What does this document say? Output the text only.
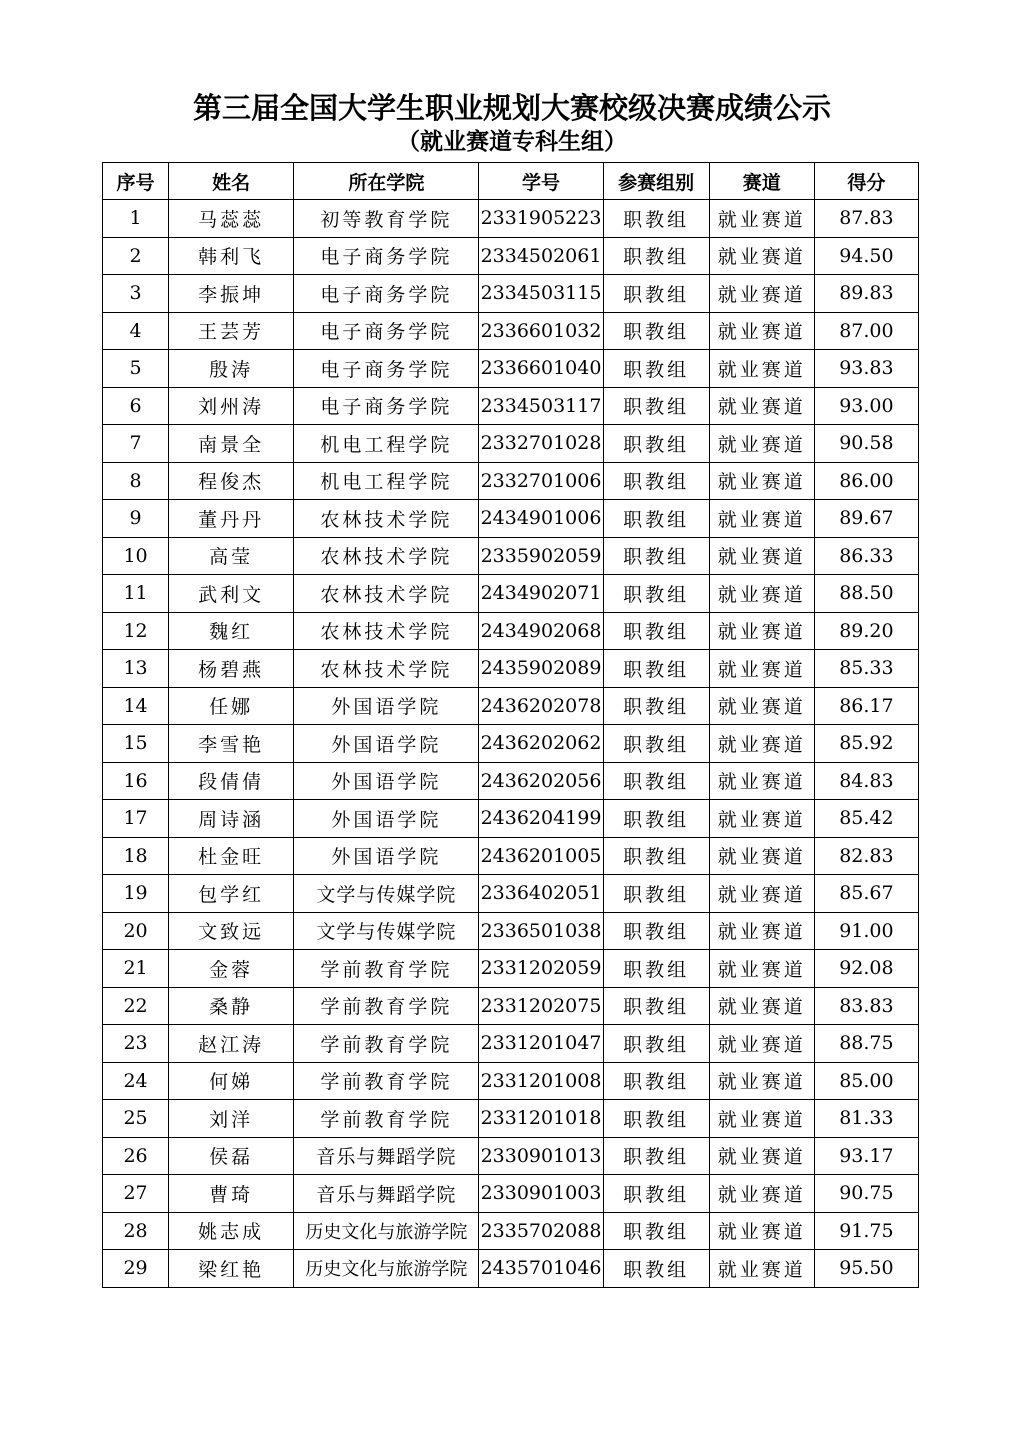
第三届全国大学生职业规划大赛校级决赛成绩公示
（就业赛道专科生组）
序号	姓名	所在学院	学号	参赛组别	赛道	得分
1	马蕊蕊	初等教育学院	2331905223	职教组	就业赛道	87.83
2	韩利飞	电子商务学院	2334502061	职教组	就业赛道	94.50
3	李振坤	电子商务学院	2334503115	职教组	就业赛道	89.83
4	王芸芳	电子商务学院	2336601032	职教组	就业赛道	87.00
5	殷涛	电子商务学院	2336601040	职教组	就业赛道	93.83
6	刘州涛	电子商务学院	2334503117	职教组	就业赛道	93.00
7	南景全	机电工程学院	2332701028	职教组	就业赛道	90.58
8	程俊杰	机电工程学院	2332701006	职教组	就业赛道	86.00
9	董丹丹	农林技术学院	2434901006	职教组	就业赛道	89.67
10	高莹	农林技术学院	2335902059	职教组	就业赛道	86.33
11	武利文	农林技术学院	2434902071	职教组	就业赛道	88.50
12	魏红	农林技术学院	2434902068	职教组	就业赛道	89.20
13	杨碧燕	农林技术学院	2435902089	职教组	就业赛道	85.33
14	任娜	外国语学院	2436202078	职教组	就业赛道	86.17
15	李雪艳	外国语学院	2436202062	职教组	就业赛道	85.92
16	段倩倩	外国语学院	2436202056	职教组	就业赛道	84.83
17	周诗涵	外国语学院	2436204199	职教组	就业赛道	85.42
18	杜金旺	外国语学院	2436201005	职教组	就业赛道	82.83
19	包学红	文学与传媒学院	2336402051	职教组	就业赛道	85.67
20	文致远	文学与传媒学院	2336501038	职教组	就业赛道	91.00
21	金蓉	学前教育学院	2331202059	职教组	就业赛道	92.08
22	桑静	学前教育学院	2331202075	职教组	就业赛道	83.83
23	赵江涛	学前教育学院	2331201047	职教组	就业赛道	88.75
24	何娣	学前教育学院	2331201008	职教组	就业赛道	85.00
25	刘洋	学前教育学院	2331201018	职教组	就业赛道	81.33
26	侯磊	音乐与舞蹈学院	2330901013	职教组	就业赛道	93.17
27	曹琦	音乐与舞蹈学院	2330901003	职教组	就业赛道	90.75
28	姚志成	历史文化与旅游学院	2335702088	职教组	就业赛道	91.75
29	梁红艳	历史文化与旅游学院	2435701046	职教组	就业赛道	95.50
